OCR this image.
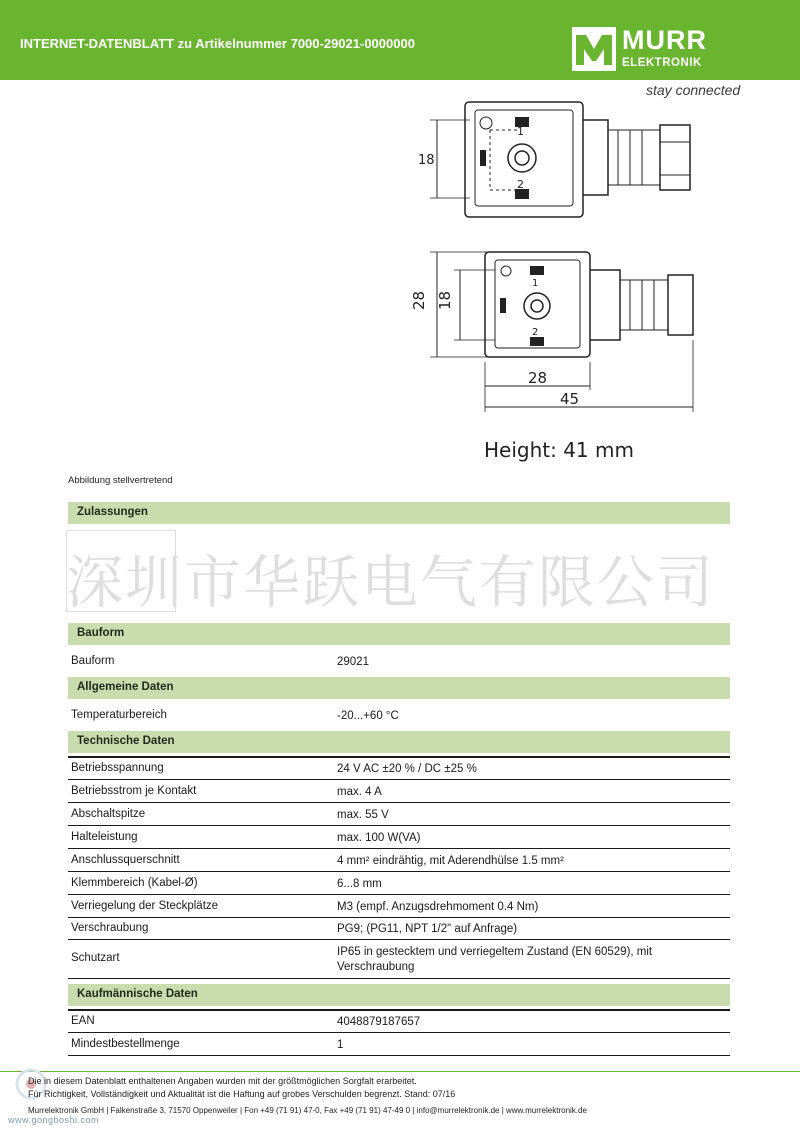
INTERNET-DATENBLATT zu Artikelnummer 7000-29021-0000000	MURR
ELEKTRONIK
stay connected
18
1
2
1
2
28 18
28
45
Height: 41 mm
Abbildung stellvertretend
Zulassungen
深圳市华跃电气有限公司
Bauform
Bauform	29021
Allgemeine Daten
Temperaturbereich	-20...+60 °C
Technische Daten
Betriebsspannung	24 V AC ±20 % / DC ±25 %
Betriebsstrom je Kontakt	max. 4 A
Abschaltspitze	max. 55 V
Halteleistung	max. 100 W(VA)
Anschlussquerschnitt	4 mm² eindrähtig, mit Aderendhülse 1.5 mm²
Klemmbereich (Kabel-Ø)	6...8 mm
Verriegelung der Steckplätze	M3 (empf. Anzugsdrehmoment 0.4 Nm)
Verschraubung	PG9; (PG11, NPT 1/2" auf Anfrage)
Schutzart	IP65 in gestecktem und verriegeltem Zustand (EN 60529), mit Verschraubung
Kaufmännische Daten
EAN	4048879187657
Mindestbestellmenge	1
Die in diesem Datenblatt enthaltenen Angaben wurden mit der größtmöglichen Sorgfalt erarbeitet.
Für Richtigkeit, Vollständigkeit und Aktualität ist die Haftung auf grobes Verschulden begrenzt. Stand: 07/16
Murrelektronik GmbH | Falkenstraße 3, 71570 Oppenweiler | Fon +49 (71 91) 47-0, Fax +49 (71 91) 47-49 0 | info@murrelektronik.de | www.murrelektronik.de
www.gongboshi.com
